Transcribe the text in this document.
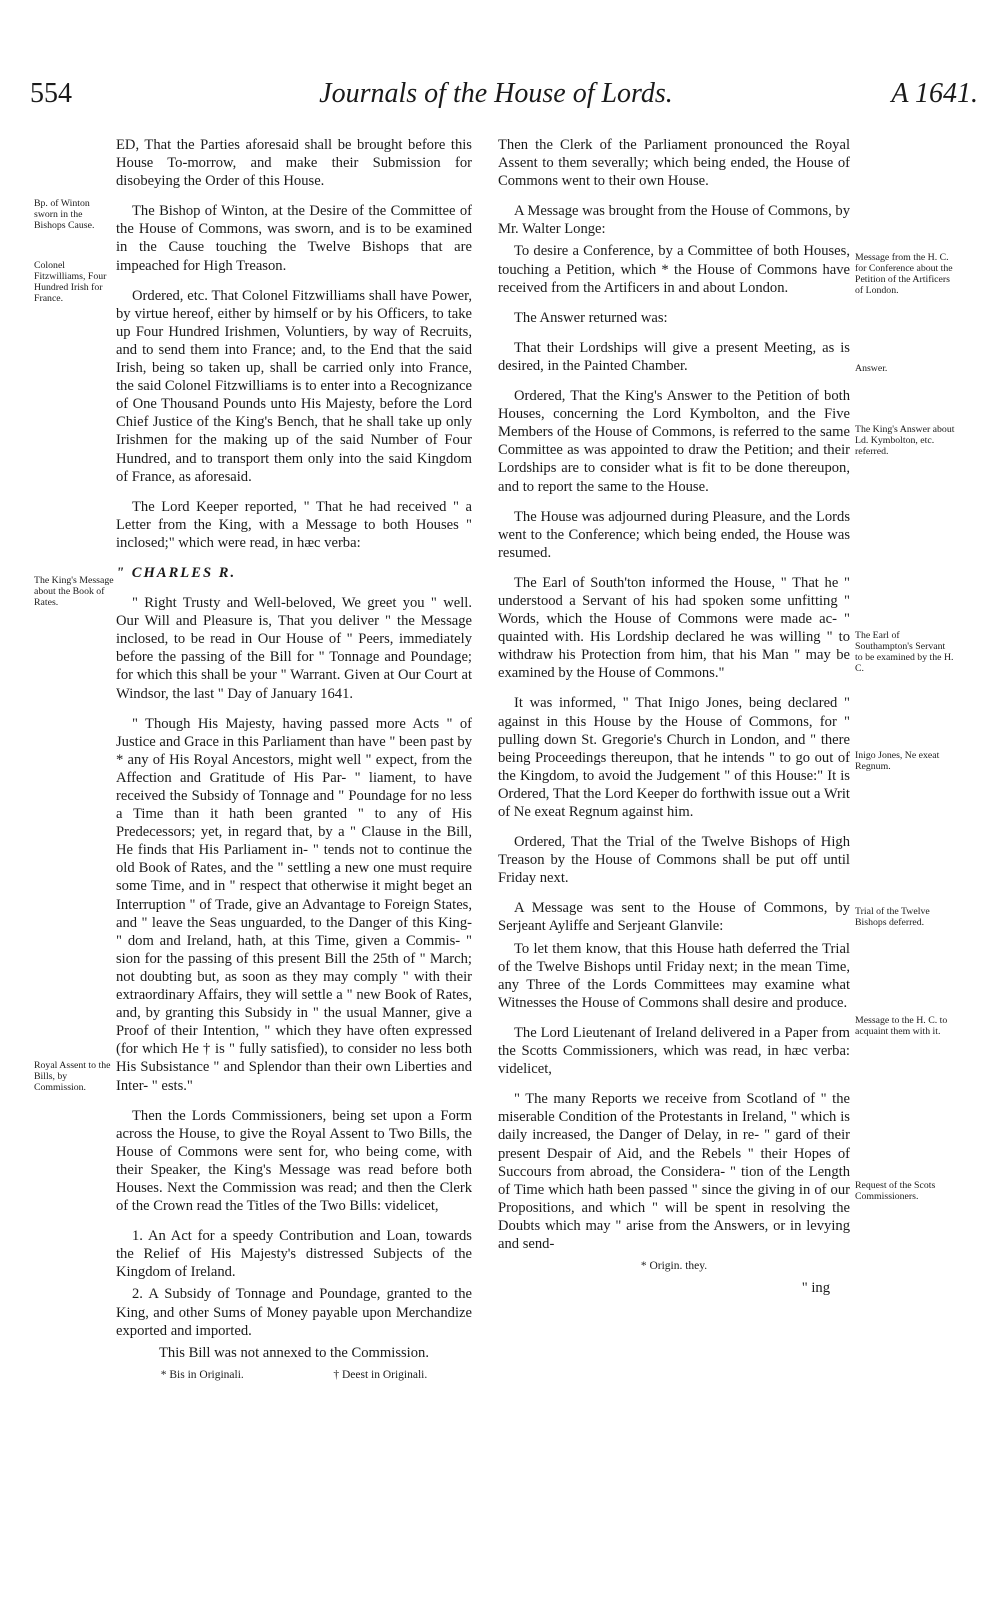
554	Journals of the House of Lords.	A 1641.
Bp. of Winton sworn in the Bishops Cause.
Colonel Fitzwilliams, Four Hundred Irish for France.
The King's Message about the Book of Rates.
Royal Assent to the Bills, by Commission.

ED, That the Parties aforesaid shall be brought before this House To-morrow, and make their Submission for disobeying the Order of this House.

The Bishop of Winton, at the Desire of the Committee of the House of Commons, was sworn, and is to be examined in the Cause touching the Twelve Bishops that are impeached for High Treason.

Ordered, etc. That Colonel Fitzwilliams shall have Power, by virtue hereof, either by himself or by his Officers, to take up Four Hundred Irishmen, Voluntiers, by way of Recruits, and to send them into France; and, to the End that the said Irish, being so taken up, shall be carried only into France, the said Colonel Fitzwilliams is to enter into a Recognizance of One Thousand Pounds unto His Majesty, before the Lord Chief Justice of the King's Bench, that he shall take up only Irishmen for the making up of the said Number of Four Hundred, and to transport them only into the said Kingdom of France, as aforesaid.

The Lord Keeper reported, " That he had received " a Letter from the King, with a Message to both Houses " inclosed;" which were read, in hæc verba:

" CHARLES R.

" Right Trusty and Well-beloved, We greet you " well. Our Will and Pleasure is, That you deliver " the Message inclosed, to be read in Our House of " Peers, immediately before the passing of the Bill for " Tonnage and Poundage; for which this shall be your " Warrant. Given at Our Court at Windsor, the last " Day of January 1641.

" Though His Majesty, having passed more Acts " of Justice and Grace in this Parliament than have " been past by * any of His Royal Ancestors, might well " expect, from the Affection and Gratitude of His Par- " liament, to have received the Subsidy of Tonnage and " Poundage for no less a Time than it hath been granted " to any of His Predecessors; yet, in regard that, by a " Clause in the Bill, He finds that His Parliament in- " tends not to continue the old Book of Rates, and the " settling a new one must require some Time, and in " respect that otherwise it might beget an Interruption " of Trade, give an Advantage to Foreign States, and " leave the Seas unguarded, to the Danger of this King- " dom and Ireland, hath, at this Time, given a Commis- " sion for the passing of this present Bill the 25th of " March; not doubting but, as soon as they may comply " with their extraordinary Affairs, they will settle a " new Book of Rates, and, by granting this Subsidy in " the usual Manner, give a Proof of their Intention, " which they have often expressed (for which He † is " fully satisfied), to consider no less both His Subsistance " and Splendor than their own Liberties and Inter- " ests."

Then the Lords Commissioners, being set upon a Form across the House, to give the Royal Assent to Two Bills, the House of Commons were sent for, who being come, with their Speaker, the King's Message was read before both Houses. Next the Commission was read; and then the Clerk of the Crown read the Titles of the Two Bills: videlicet,

1. An Act for a speedy Contribution and Loan, towards the Relief of His Majesty's distressed Subjects of the Kingdom of Ireland.

2. A Subsidy of Tonnage and Poundage, granted to the King, and other Sums of Money payable upon Merchandize exported and imported.

This Bill was not annexed to the Commission.

* Bis in Originali.	† Deest in Originali.
Message from the H. C. for Conference about the Petition of the Artificers of London.
Answer.
The King's Answer about Ld. Kymbolton, etc. referred.
The Earl of Southampton's Servant to be examined by the H. C.
Inigo Jones, Ne exeat Regnum.
Trial of the Twelve Bishops deferred.
Message to the H. C. to acquaint them with it.
Request of the Scots Commissioners.

Then the Clerk of the Parliament pronounced the Royal Assent to them severally; which being ended, the House of Commons went to their own House.

A Message was brought from the House of Commons, by Mr. Walter Longe:

To desire a Conference, by a Committee of both Houses, touching a Petition, which * the House of Commons have received from the Artificers in and about London.

The Answer returned was:

That their Lordships will give a present Meeting, as is desired, in the Painted Chamber.

Ordered, That the King's Answer to the Petition of both Houses, concerning the Lord Kymbolton, and the Five Members of the House of Commons, is referred to the same Committee as was appointed to draw the Petition; and their Lordships are to consider what is fit to be done thereupon, and to report the same to the House.

The House was adjourned during Pleasure, and the Lords went to the Conference; which being ended, the House was resumed.

The Earl of South'ton informed the House, " That he " understood a Servant of his had spoken some unfitting " Words, which the House of Commons were made ac- " quainted with. His Lordship declared he was willing " to withdraw his Protection from him, that his Man " may be examined by the House of Commons."

It was informed, " That Inigo Jones, being declared " against in this House by the House of Commons, for " pulling down St. Gregorie's Church in London, and " there being Proceedings thereupon, that he intends " to go out of the Kingdom, to avoid the Judgement " of this House:" It is Ordered, That the Lord Keeper do forthwith issue out a Writ of Ne exeat Regnum against him.

Ordered, That the Trial of the Twelve Bishops of High Treason by the House of Commons shall be put off until Friday next.

A Message was sent to the House of Commons, by Serjeant Ayliffe and Serjeant Glanvile:

To let them know, that this House hath deferred the Trial of the Twelve Bishops until Friday next; in the mean Time, any Three of the Lords Committees may examine what Witnesses the House of Commons shall desire and produce.

The Lord Lieutenant of Ireland delivered in a Paper from the Scotts Commissioners, which was read, in hæc verba: videlicet,

" The many Reports we receive from Scotland of " the miserable Condition of the Protestants in Ireland, " which is daily increased, the Danger of Delay, in re- " gard of their present Despair of Aid, and the Rebels " their Hopes of Succours from abroad, the Considera- " tion of the Length of Time which hath been passed " since the giving in of our Propositions, and which " will be spent in resolving the Doubts which may " arise from the Answers, or in levying and send-

* Origin. they.

" ing
